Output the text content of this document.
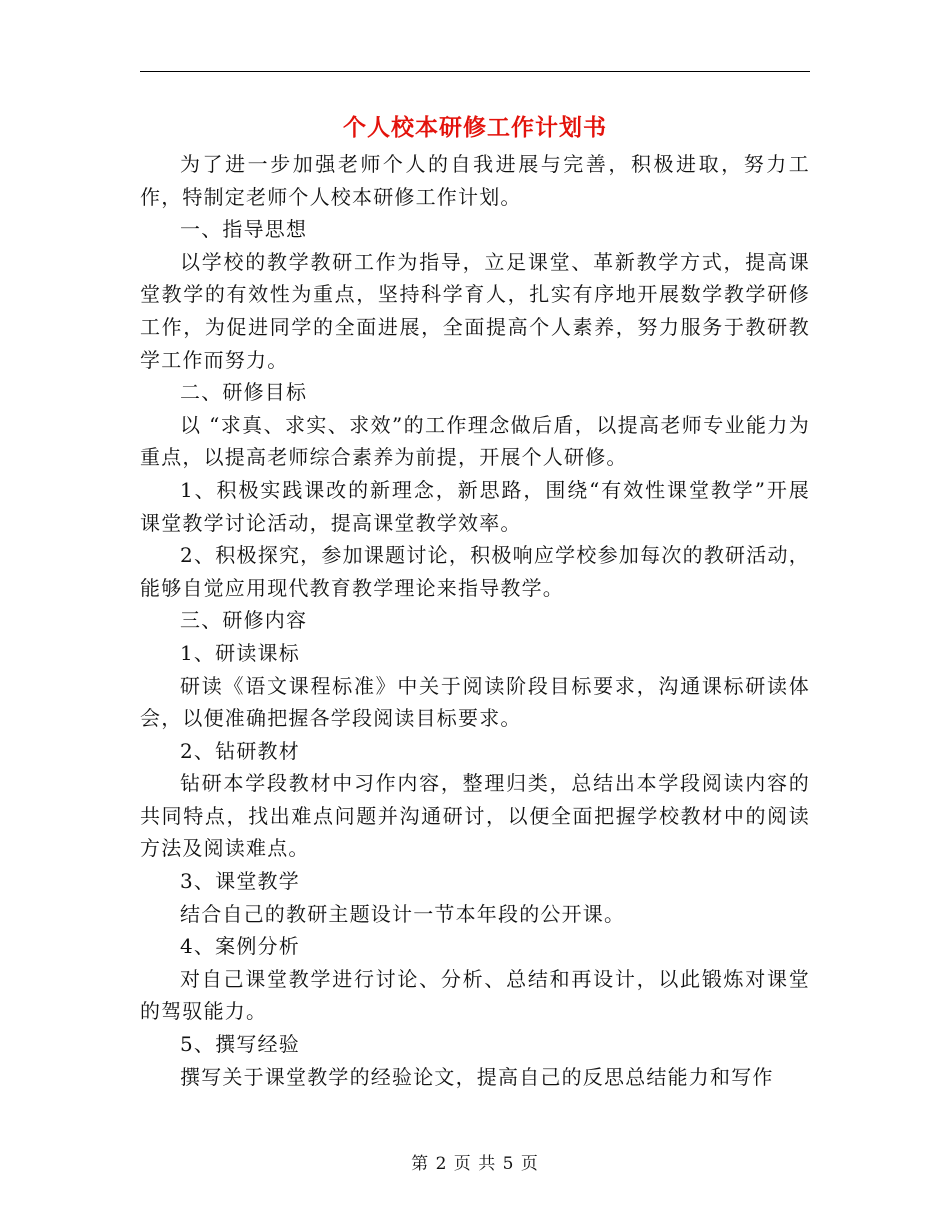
个人校本研修工作计划书

为了进一步加强老师个人的自我进展与完善，积极进取，努力工作，特制定老师个人校本研修工作计划。

一、指导思想

以学校的教学教研工作为指导，立足课堂、革新教学方式，提高课堂教学的有效性为重点，坚持科学育人，扎实有序地开展数学教学研修工作，为促进同学的全面进展，全面提高个人素养，努力服务于教研教学工作而努力。

二、研修目标

以 “求真、求实、求效”的工作理念做后盾，以提高老师专业能力为重点，以提高老师综合素养为前提，开展个人研修。

1、积极实践课改的新理念，新思路，围绕“有效性课堂教学”开展课堂教学讨论活动，提高课堂教学效率。

2、积极探究，参加课题讨论，积极响应学校参加每次的教研活动，能够自觉应用现代教育教学理论来指导教学。

三、研修内容

1、研读课标

研读《语文课程标准》中关于阅读阶段目标要求，沟通课标研读体会，以便准确把握各学段阅读目标要求。

2、钻研教材

钻研本学段教材中习作内容，整理归类，总结出本学段阅读内容的共同特点，找出难点问题并沟通研讨，以便全面把握学校教材中的阅读方法及阅读难点。

3、课堂教学

结合自己的教研主题设计一节本年段的公开课。

4、案例分析

对自己课堂教学进行讨论、分析、总结和再设计，以此锻炼对课堂的驾驭能力。

5、撰写经验

撰写关于课堂教学的经验论文，提高自己的反思总结能力和写作

第 2 页 共 5 页
